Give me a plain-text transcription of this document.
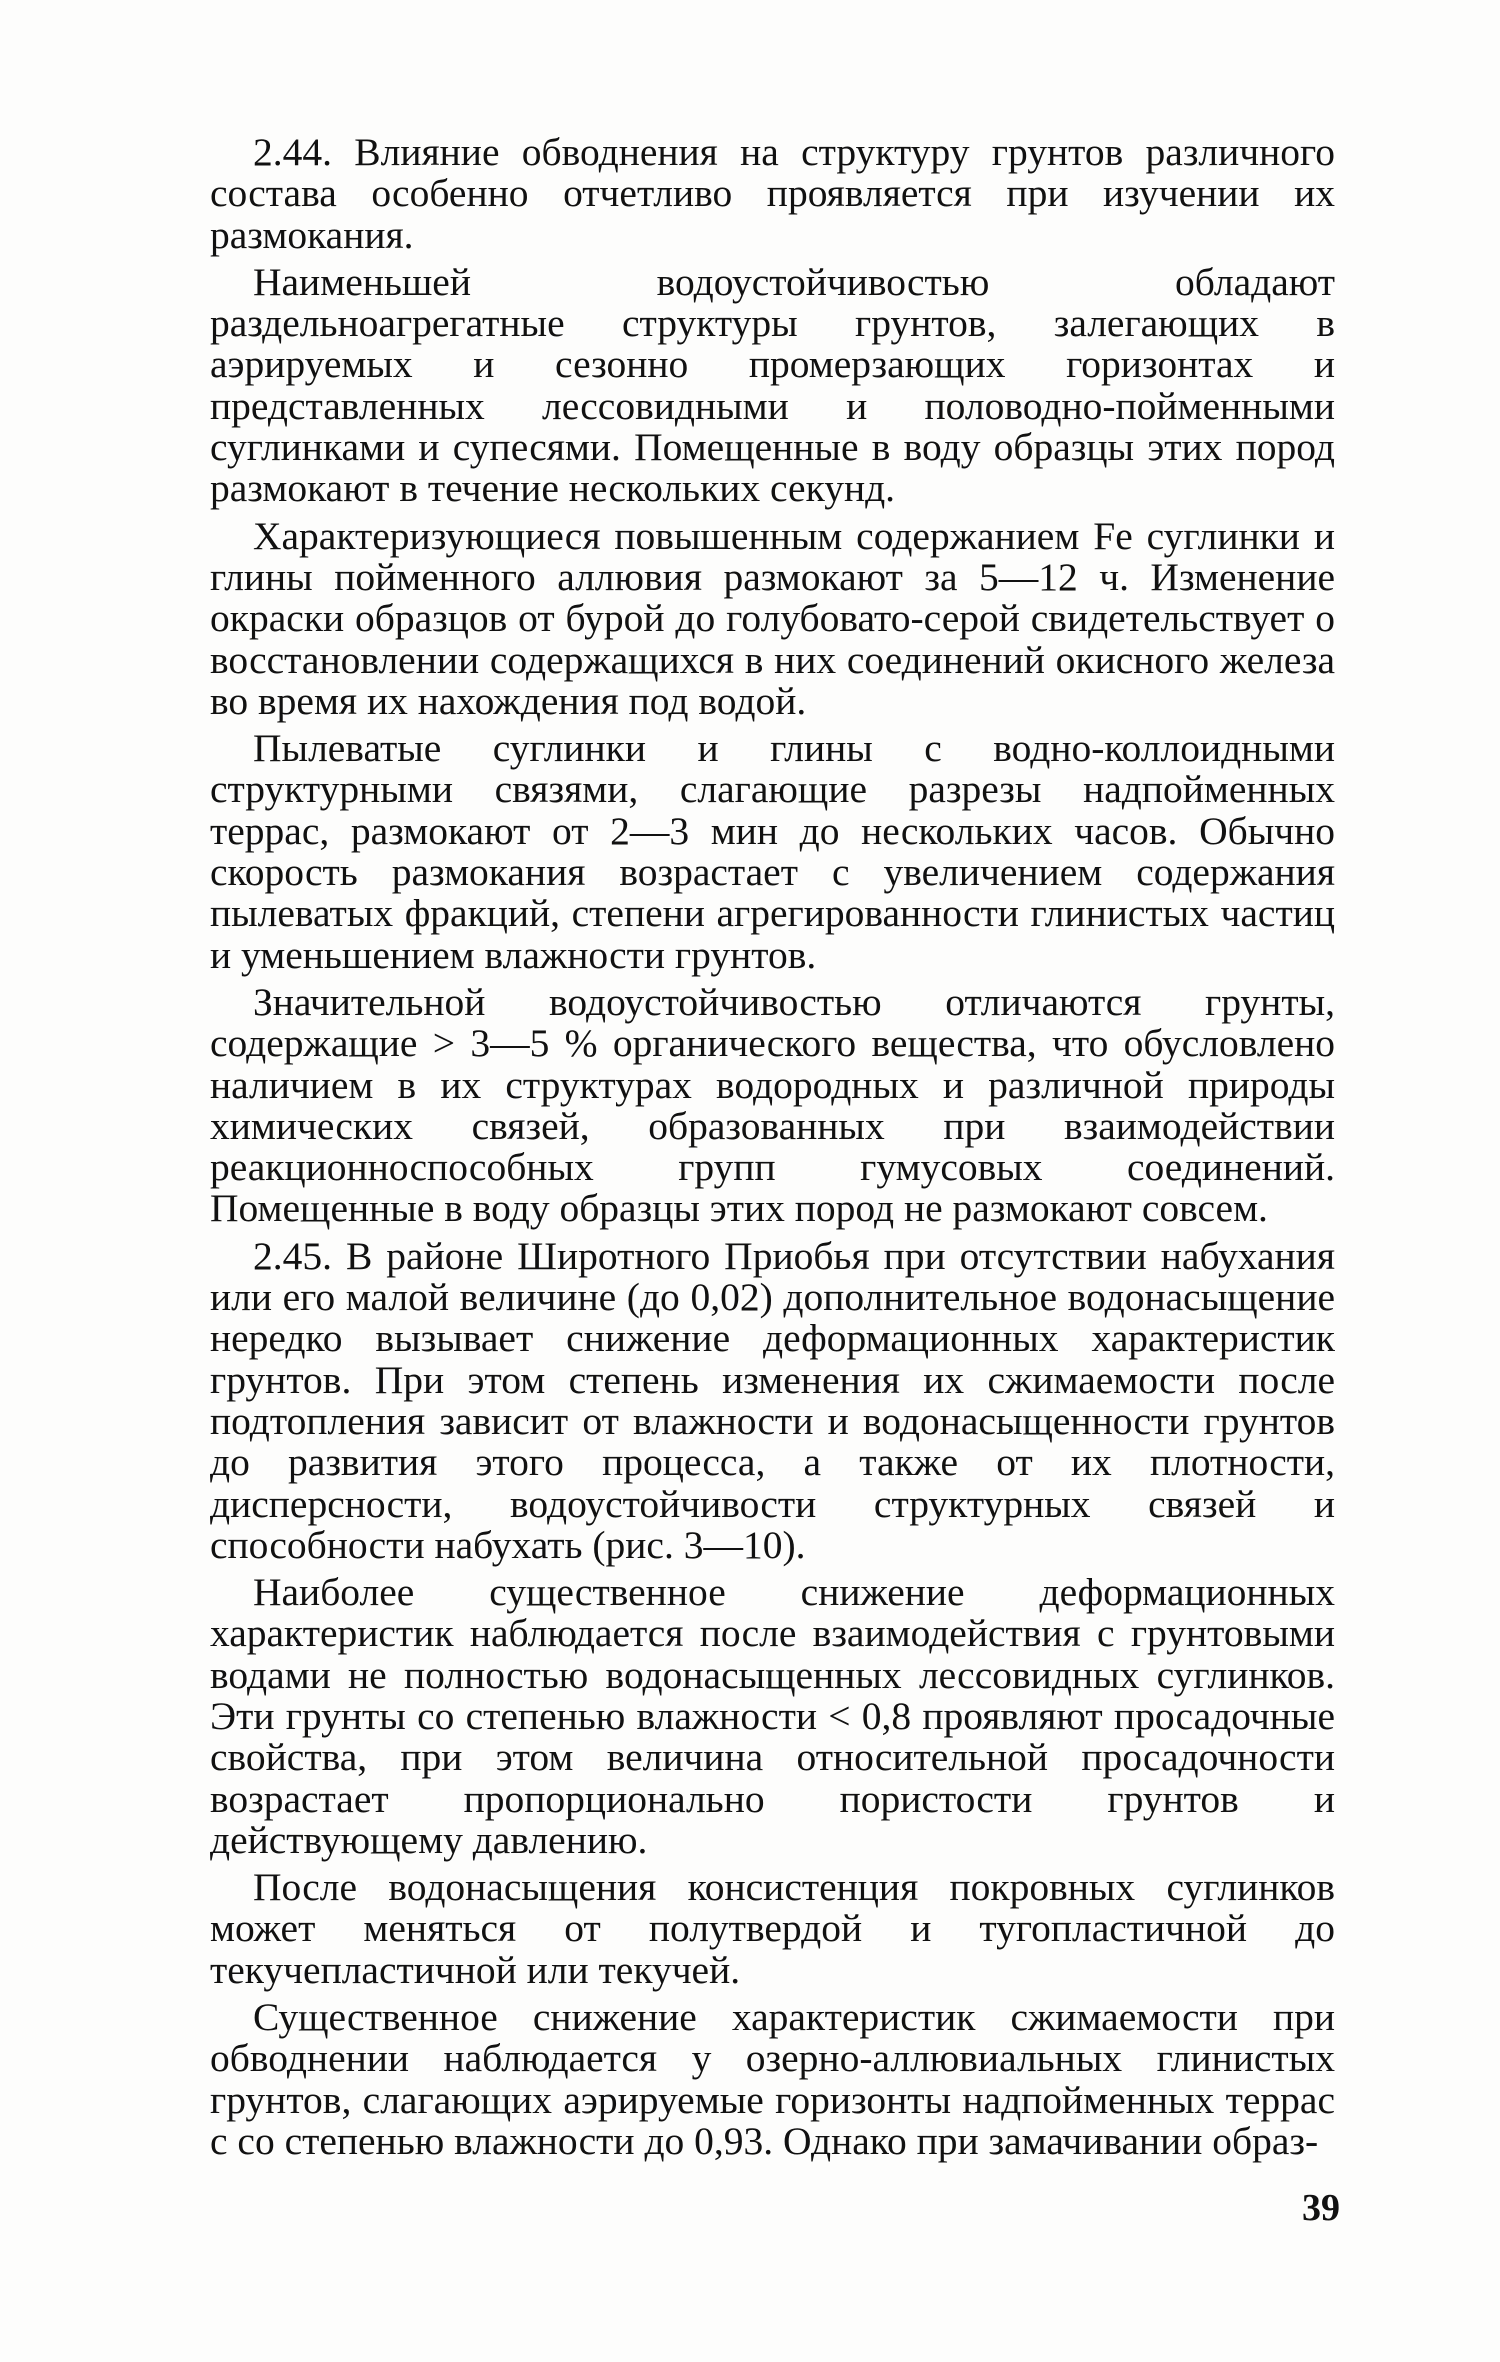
2.44. Влияние обводнения на структуру грунтов различного состава особенно отчетливо проявляется при изучении их размокания.

Наименьшей водоустойчивостью обладают раздельноагрегатные структуры грунтов, залегающих в аэрируемых и сезонно промерзающих горизонтах и представленных лессовидными и половодно-пойменными суглинками и супесями. Помещенные в воду образцы этих пород размокают в течение нескольких секунд.

Характеризующиеся повышенным содержанием Fe суглинки и глины пойменного аллювия размокают за 5—12 ч. Изменение окраски образцов от бурой до голубовато-серой свидетельствует о восстановлении содержащихся в них соединений окисного железа во время их нахождения под водой.

Пылеватые суглинки и глины с водно-коллоидными структурными связями, слагающие разрезы надпойменных террас, размокают от 2—3 мин до нескольких часов. Обычно скорость размокания возрастает с увеличением содержания пылеватых фракций, степени агрегированности глинистых частиц и уменьшением влажности грунтов.

Значительной водоустойчивостью отличаются грунты, содержащие > 3—5 % органического вещества, что обусловлено наличием в их структурах водородных и различной природы химических связей, образованных при взаимодействии реакционноспособных групп гумусовых соединений. Помещенные в воду образцы этих пород не размокают совсем.

2.45. В районе Широтного Приобья при отсутствии набухания или его малой величине (до 0,02) дополнительное водонасыщение нередко вызывает снижение деформационных характеристик грунтов. При этом степень изменения их сжимаемости после подтопления зависит от влажности и водонасыщенности грунтов до развития этого процесса, а также от их плотности, дисперсности, водоустойчивости структурных связей и способности набухать (рис. 3—10).

Наиболее существенное снижение деформационных характеристик наблюдается после взаимодействия с грунтовыми водами не полностью водонасыщенных лессовидных суглинков. Эти грунты со степенью влажности < 0,8 проявляют просадочные свойства, при этом величина относительной просадочности возрастает пропорционально пористости грунтов и действующему давлению.

После водонасыщения консистенция покровных суглинков может меняться от полутвердой и тугопластичной до текучепластичной или текучей.

Существенное снижение характеристик сжимаемости при обводнении наблюдается у озерно-аллювиальных глинистых грунтов, слагающих аэрируемые горизонты надпойменных террас с со степенью влажности до 0,93. Однако при замачивании образ-

39
